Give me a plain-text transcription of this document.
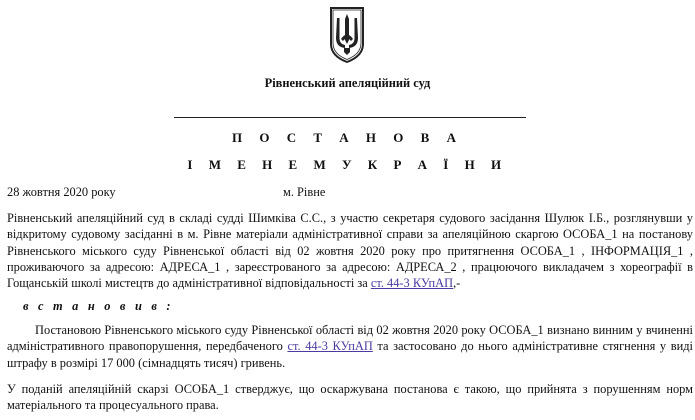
Рівненський апеляційний суд
П О С Т А Н О В А
І М Е Н Е М У К Р А Ї Н И
28 жовтня 2020 року	м. Рівне
Рівненський апеляційний суд в складі судді Шимківа С.С., з участю секретаря судового засідання Шулюк І.Б., розглянувши у відкритому судовому засіданні в м. Рівне матеріали адміністративної справи за апеляційною скаргою ОСОБА_1 на постанову Рівненського міського суду Рівненської області від 02 жовтня 2020 року про притягнення ОСОБА_1 , ІНФОРМАЦІЯ_1 , проживаючого за адресою: АДРЕСА_1 , зареєстрованого за адресою: АДРЕСА_2 , працюючого викладачем з хореографії в Гощанській школі мистецтв до адміністративної відповідальності за ст. 44-3 КУпАП,-
в с т а н о в и в :
Постановою Рівненського міського суду Рівненської області від 02 жовтня 2020 року ОСОБА_1 визнано винним у вчиненні адміністративного правопорушення, передбаченого ст. 44-3 КУпАП та застосовано до нього адміністративне стягнення у виді штрафу в розмірі 17 000 (сімнадцять тисяч) гривень.
У поданій апеляційній скарзі ОСОБА_1 стверджує, що оскаржувана постанова є такою, що прийнята з порушенням норм матеріального та процесуального права.
